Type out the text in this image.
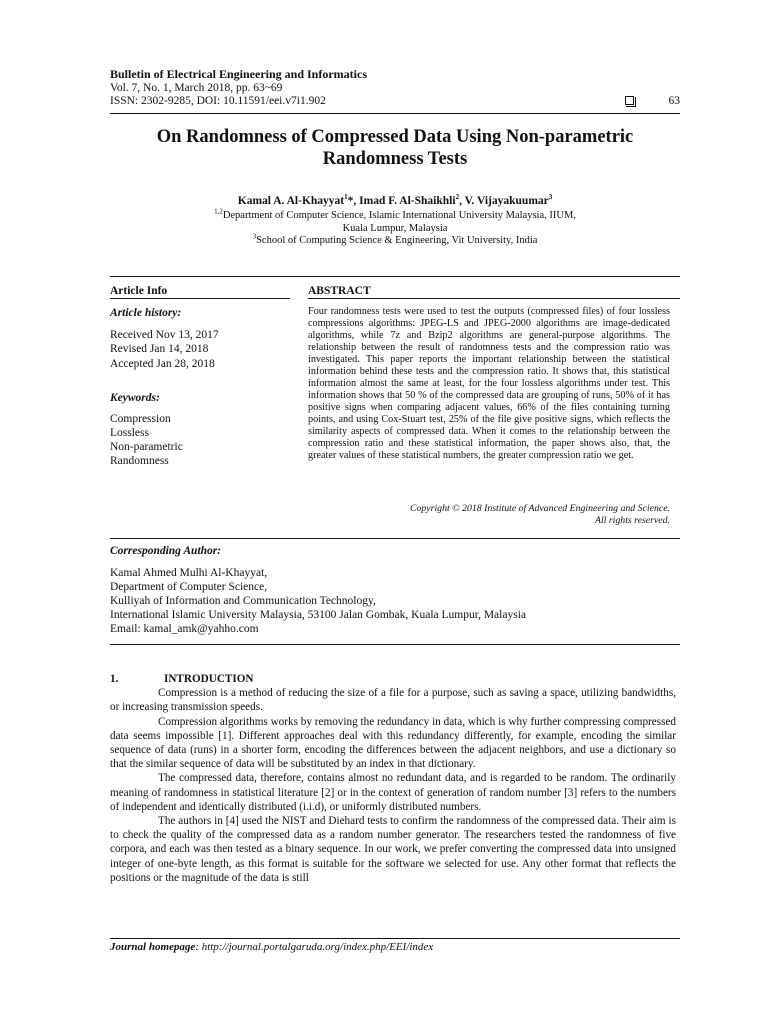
Bulletin of Electrical Engineering and Informatics
Vol. 7, No. 1, March 2018, pp. 63~69
ISSN: 2302-9285, DOI: 10.11591/eei.v7i1.902	63
On Randomness of Compressed Data Using Non-parametric
Randomness Tests
Kamal A. Al-Khayyat$^1$*, Imad F. Al-Shaikhli$^2$, V. Vijayakuumar$^3$
$^{1,2}$Department of Computer Science, Islamic International University Malaysia, IIUM,
Kuala Lumpur, Malaysia
$^3$School of Computing Science & Engineering, Vit University, India
Article Info
Article history:
Received Nov 13, 2017
Revised Jan 14, 2018
Accepted Jan 28, 2018
Keywords:
Compression
Lossless
Non-parametric
Randomness
ABSTRACT
Four randomness tests were used to test the outputs (compressed files) of four lossless compressions algorithms: JPEG-LS and JPEG-2000 algorithms are image-dedicated algorithms, while 7z and Bzip2 algorithms are general-purpose algorithms. The relationship between the result of randomness tests and the compression ratio was investigated. This paper reports the important relationship between the statistical information behind these tests and the compression ratio. It shows that, this statistical information almost the same at least, for the four lossless algorithms under test. This information shows that 50 % of the compressed data are grouping of runs, 50% of it has positive signs when comparing adjacent values, 66% of the files containing turning points, and using Cox-Stuart test, 25% of the file give positive signs, which reflects the similarity aspects of compressed data. When it comes to the relationship between the compression ratio and these statistical information, the paper shows also, that, the greater values of these statistical numbers, the greater compression ratio we get.
Copyright © 2018 Institute of Advanced Engineering and Science.
All rights reserved.
Corresponding Author:
Kamal Ahmed Mulhi Al-Khayyat,
Department of Computer Science,
Kulliyah of Information and Communication Technology,
International Islamic University Malaysia, 53100 Jalan Gombak, Kuala Lumpur, Malaysia
Email: kamal_amk@yahho.com
1.	INTRODUCTION

Compression is a method of reducing the size of a file for a purpose, such as saving a space, utilizing bandwidths, or increasing transmission speeds.

Compression algorithms works by removing the redundancy in data, which is why further compressing compressed data seems impossible [1]. Different approaches deal with this redundancy differently, for example, encoding the similar sequence of data (runs) in a shorter form, encoding the differences between the adjacent neighbors, and use a dictionary so that the similar sequence of data will be substituted by an index in that dictionary.

The compressed data, therefore, contains almost no redundant data, and is regarded to be random. The ordinarily meaning of randomness in statistical literature [2] or in the context of generation of random number [3] refers to the numbers of independent and identically distributed (i.i.d), or uniformly distributed numbers.

The authors in [4] used the NIST and Diehard tests to confirm the randomness of the compressed data. Their aim is to check the quality of the compressed data as a random number generator. The researchers tested the randomness of five corpora, and each was then tested as a binary sequence. In our work, we prefer converting the compressed data into unsigned integer of one-byte length, as this format is suitable for the software we selected for use. Any other format that reflects the positions or the magnitude of the data is still

Journal homepage: http://journal.portalgaruda.org/index.php/EEI/index
